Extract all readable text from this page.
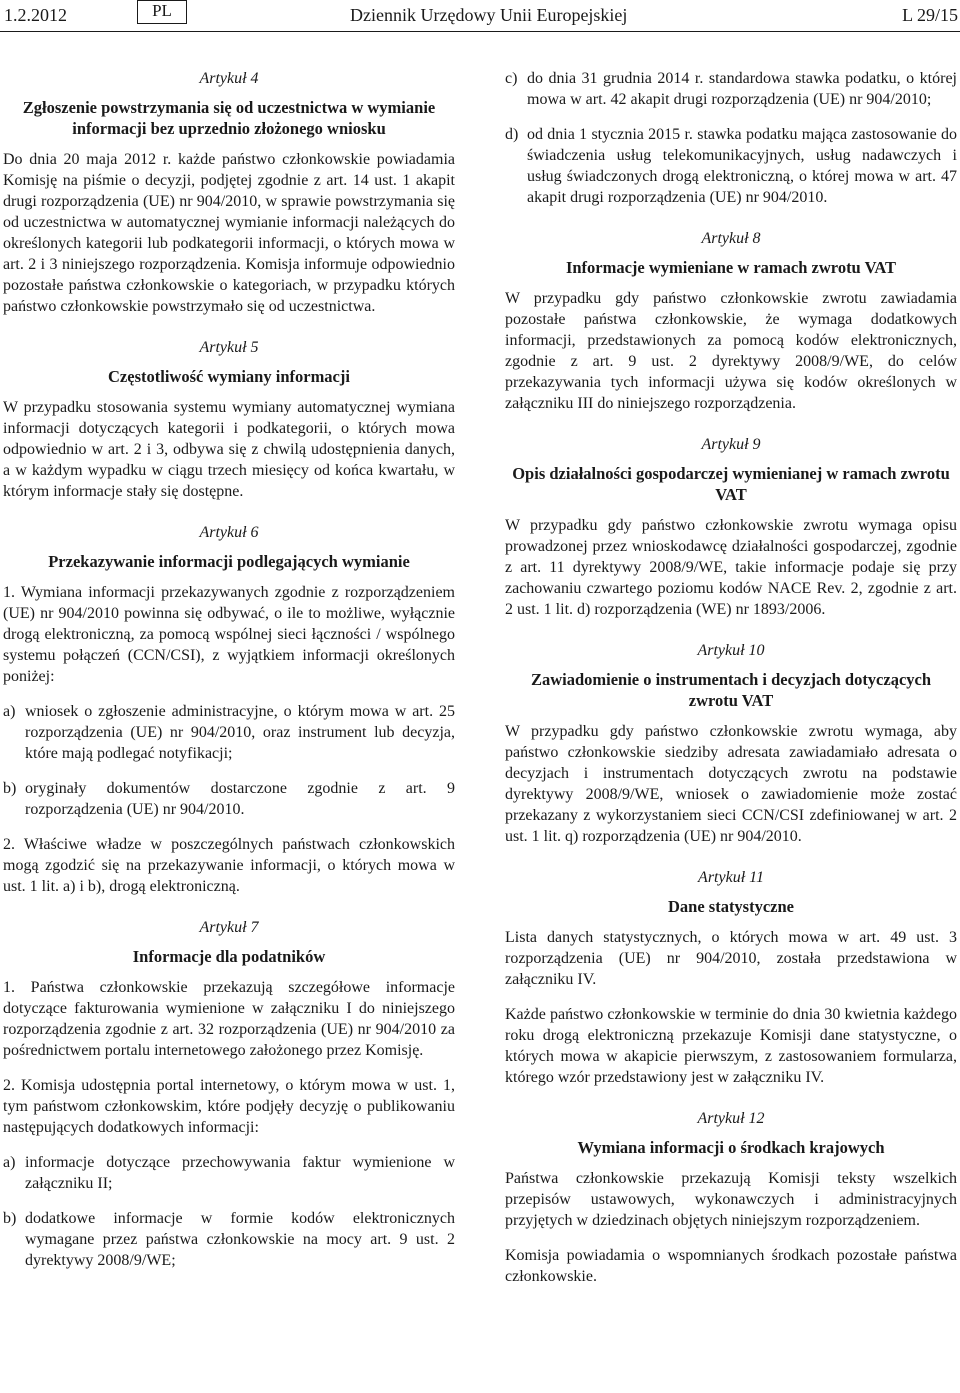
1.2.2012	PL	Dziennik Urzędowy Unii Europejskiej	L 29/15
Artykuł 4
Zgłoszenie powstrzymania się od uczestnictwa w wymianie informacji bez uprzednio złożonego wniosku

Do dnia 20 maja 2012 r. każde państwo członkowskie powiadamia Komisję na piśmie o decyzji, podjętej zgodnie z art. 14 ust. 1 akapit drugi rozporządzenia (UE) nr 904/2010, w sprawie powstrzymania się od uczestnictwa w automatycznej wymianie informacji należących do określonych kategorii lub podkategorii informacji, o których mowa w art. 2 i 3 niniejszego rozporządzenia. Komisja informuje odpowiednio pozostałe państwa członkowskie o kategoriach, w przypadku których państwo członkowskie powstrzymało się od uczestnictwa.

Artykuł 5
Częstotliwość wymiany informacji

W przypadku stosowania systemu wymiany automatycznej wymiana informacji dotyczących kategorii i podkategorii, o których mowa odpowiednio w art. 2 i 3, odbywa się z chwilą udostępnienia danych, a w każdym wypadku w ciągu trzech miesięcy od końca kwartału, w którym informacje stały się dostępne.

Artykuł 6
Przekazywanie informacji podlegających wymianie

1. Wymiana informacji przekazywanych zgodnie z rozporządzeniem (UE) nr 904/2010 powinna się odbywać, o ile to możliwe, wyłącznie drogą elektroniczną, za pomocą wspólnej sieci łączności / wspólnego systemu połączeń (CCN/CSI), z wyjątkiem informacji określonych poniżej:

a) wniosek o zgłoszenie administracyjne, o którym mowa w art. 25 rozporządzenia (UE) nr 904/2010, oraz instrument lub decyzja, które mają podlegać notyfikacji;
b) oryginały dokumentów dostarczone zgodnie z art. 9 rozporządzenia (UE) nr 904/2010.

2. Właściwe władze w poszczególnych państwach członkowskich mogą zgodzić się na przekazywanie informacji, o których mowa w ust. 1 lit. a) i b), drogą elektroniczną.

Artykuł 7
Informacje dla podatników

1. Państwa członkowskie przekazują szczegółowe informacje dotyczące fakturowania wymienione w załączniku I do niniejszego rozporządzenia zgodnie z art. 32 rozporządzenia (UE) nr 904/2010 za pośrednictwem portalu internetowego założonego przez Komisję.

2. Komisja udostępnia portal internetowy, o którym mowa w ust. 1, tym państwom członkowskim, które podjęły decyzję o publikowaniu następujących dodatkowych informacji:

a) informacje dotyczące przechowywania faktur wymienione w załączniku II;
b) dodatkowe informacje w formie kodów elektronicznych wymagane przez państwa członkowskie na mocy art. 9 ust. 2 dyrektywy 2008/9/WE;
c) do dnia 31 grudnia 2014 r. standardowa stawka podatku, o której mowa w art. 42 akapit drugi rozporządzenia (UE) nr 904/2010;
d) od dnia 1 stycznia 2015 r. stawka podatku mająca zastosowanie do świadczenia usług telekomunikacyjnych, usług nadawczych i usług świadczonych drogą elektroniczną, o której mowa w art. 47 akapit drugi rozporządzenia (UE) nr 904/2010.
Artykuł 8
Informacje wymieniane w ramach zwrotu VAT

W przypadku gdy państwo członkowskie zwrotu zawiadamia pozostałe państwa członkowskie, że wymaga dodatkowych informacji, przedstawionych za pomocą kodów elektronicznych, zgodnie z art. 9 ust. 2 dyrektywy 2008/9/WE, do celów przekazywania tych informacji używa się kodów określonych w załączniku III do niniejszego rozporządzenia.

Artykuł 9
Opis działalności gospodarczej wymienianej w ramach zwrotu VAT

W przypadku gdy państwo członkowskie zwrotu wymaga opisu prowadzonej przez wnioskodawcę działalności gospodarczej, zgodnie z art. 11 dyrektywy 2008/9/WE, takie informacje podaje się przy zachowaniu czwartego poziomu kodów NACE Rev. 2, zgodnie z art. 2 ust. 1 lit. d) rozporządzenia (WE) nr 1893/2006.

Artykuł 10
Zawiadomienie o instrumentach i decyzjach dotyczących zwrotu VAT

W przypadku gdy państwo członkowskie zwrotu wymaga, aby państwo członkowskie siedziby adresata zawiadamiało adresata o decyzjach i instrumentach dotyczących zwrotu na podstawie dyrektywy 2008/9/WE, wniosek o zawiadomienie może zostać przekazany z wykorzystaniem sieci CCN/CSI zdefiniowanej w art. 2 ust. 1 lit. q) rozporządzenia (UE) nr 904/2010.

Artykuł 11
Dane statystyczne

Lista danych statystycznych, o których mowa w art. 49 ust. 3 rozporządzenia (UE) nr 904/2010, została przedstawiona w załączniku IV.

Każde państwo członkowskie w terminie do dnia 30 kwietnia każdego roku drogą elektroniczną przekazuje Komisji dane statystyczne, o których mowa w akapicie pierwszym, z zastosowaniem formularza, którego wzór przedstawiony jest w załączniku IV.

Artykuł 12
Wymiana informacji o środkach krajowych

Państwa członkowskie przekazują Komisji teksty wszelkich przepisów ustawowych, wykonawczych i administracyjnych przyjętych w dziedzinach objętych niniejszym rozporządzeniem.

Komisja powiadamia o wspomnianych środkach pozostałe państwa członkowskie.
